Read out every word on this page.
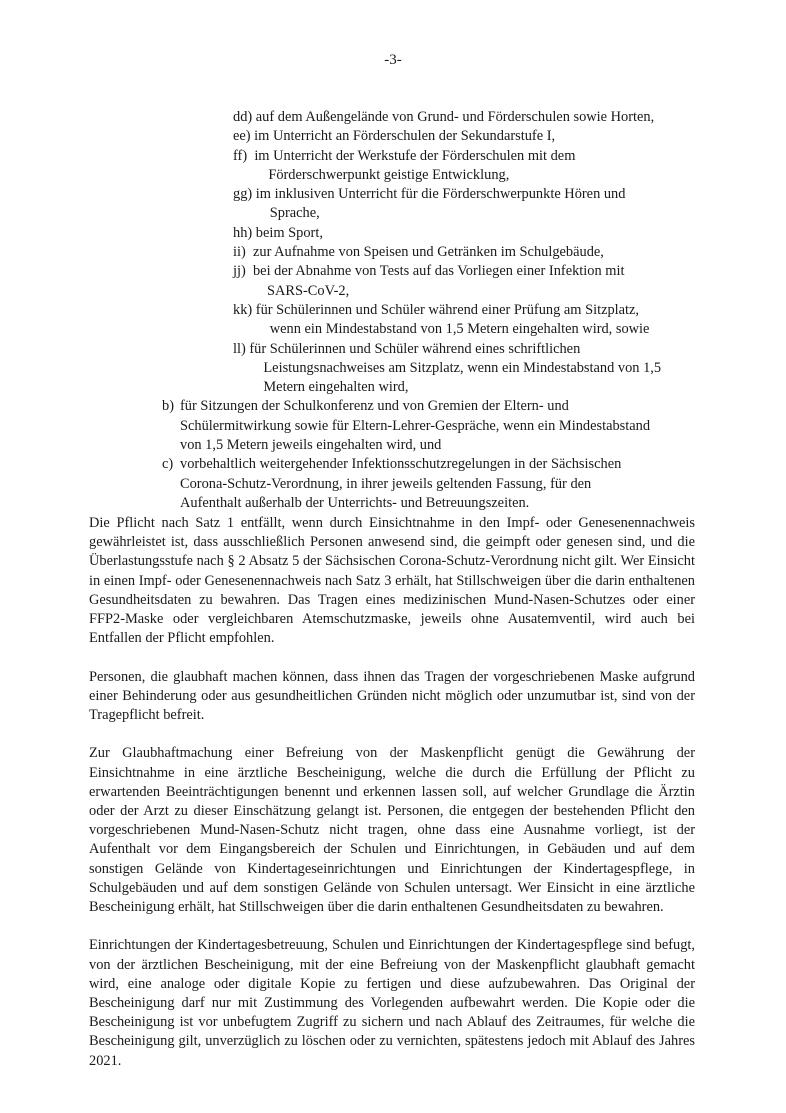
-3-
dd) auf dem Außengelände von Grund- und Förderschulen sowie Horten,
ee) im Unterricht an Förderschulen der Sekundarstufe I,
ff) im Unterricht der Werkstufe der Förderschulen mit dem
Förderschwerpunkt geistige Entwicklung,
gg) im inklusiven Unterricht für die Förderschwerpunkte Hören und
Sprache,
hh) beim Sport,
ii) zur Aufnahme von Speisen und Getränken im Schulgebäude,
jj) bei der Abnahme von Tests auf das Vorliegen einer Infektion mit
SARS-CoV-2,
kk) für Schülerinnen und Schüler während einer Prüfung am Sitzplatz,
wenn ein Mindestabstand von 1,5 Metern eingehalten wird, sowie
ll) für Schülerinnen und Schüler während eines schriftlichen
Leistungsnachweises am Sitzplatz, wenn ein Mindestabstand von 1,5
Metern eingehalten wird,
b) für Sitzungen der Schulkonferenz und von Gremien der Eltern- und
Schülermitwirkung sowie für Eltern-Lehrer-Gespräche, wenn ein Mindestabstand
von 1,5 Metern jeweils eingehalten wird, und
c) vorbehaltlich weitergehender Infektionsschutzregelungen in der Sächsischen
Corona-Schutz-Verordnung, in ihrer jeweils geltenden Fassung, für den
Aufenthalt außerhalb der Unterrichts- und Betreuungszeiten.

Die Pflicht nach Satz 1 entfällt, wenn durch Einsichtnahme in den Impf- oder Genesenennachweis gewährleistet ist, dass ausschließlich Personen anwesend sind, die geimpft oder genesen sind, und die Überlastungsstufe nach § 2 Absatz 5 der Sächsischen Corona-Schutz-Verordnung nicht gilt. Wer Einsicht in einen Impf- oder Genesenennachweis nach Satz 3 erhält, hat Stillschweigen über die darin enthaltenen Gesundheitsdaten zu bewahren. Das Tragen eines medizinischen Mund-Nasen-Schutzes oder einer FFP2-Maske oder vergleichbaren Atemschutzmaske, jeweils ohne Ausatemventil, wird auch bei Entfallen der Pflicht empfohlen.

Personen, die glaubhaft machen können, dass ihnen das Tragen der vorgeschriebenen Maske aufgrund einer Behinderung oder aus gesundheitlichen Gründen nicht möglich oder unzumutbar ist, sind von der Tragepflicht befreit.

Zur Glaubhaftmachung einer Befreiung von der Maskenpflicht genügt die Gewährung der Einsichtnahme in eine ärztliche Bescheinigung, welche die durch die Erfüllung der Pflicht zu erwartenden Beeinträchtigungen benennt und erkennen lassen soll, auf welcher Grundlage die Ärztin oder der Arzt zu dieser Einschätzung gelangt ist. Personen, die entgegen der bestehenden Pflicht den vorgeschriebenen Mund-Nasen-Schutz nicht tragen, ohne dass eine Ausnahme vorliegt, ist der Aufenthalt vor dem Eingangsbereich der Schulen und Einrichtungen, in Gebäuden und auf dem sonstigen Gelände von Kindertageseinrichtungen und Einrichtungen der Kindertagespflege, in Schulgebäuden und auf dem sonstigen Gelände von Schulen untersagt. Wer Einsicht in eine ärztliche Bescheinigung erhält, hat Stillschweigen über die darin enthaltenen Gesundheitsdaten zu bewahren.

Einrichtungen der Kindertagesbetreuung, Schulen und Einrichtungen der Kindertagespflege sind befugt, von der ärztlichen Bescheinigung, mit der eine Befreiung von der Maskenpflicht glaubhaft gemacht wird, eine analoge oder digitale Kopie zu fertigen und diese aufzubewahren. Das Original der Bescheinigung darf nur mit Zustimmung des Vorlegenden aufbewahrt werden. Die Kopie oder die Bescheinigung ist vor unbefugtem Zugriff zu sichern und nach Ablauf des Zeitraumes, für welche die Bescheinigung gilt, unverzüglich zu löschen oder zu vernichten, spätestens jedoch mit Ablauf des Jahres 2021.
